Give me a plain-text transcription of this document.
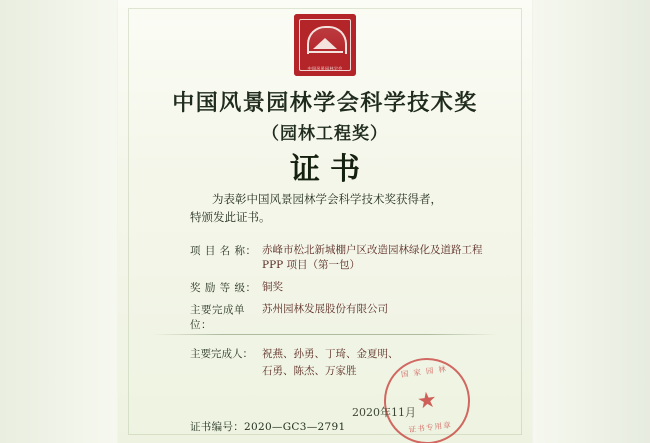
中国风景园林学会
中国风景园林学会科学技术奖
（园林工程奖）
证书
为表彰中国风景园林学会科学技术奖获得者，
特颁发此证书。
项 目 名 称： 赤峰市松北新城棚户区改造园林绿化及道路工程 PPP 项目（第一包）
奖 励 等 级： 铜奖
主要完成单位：
苏州园林发展股份有限公司
主要完成人： 祝燕、孙勇、丁琦、金夏明、
石勇、陈杰、万家胜	国家园林
★
证书专用章
2020年11月
证书编号：2020—GC3—2791
